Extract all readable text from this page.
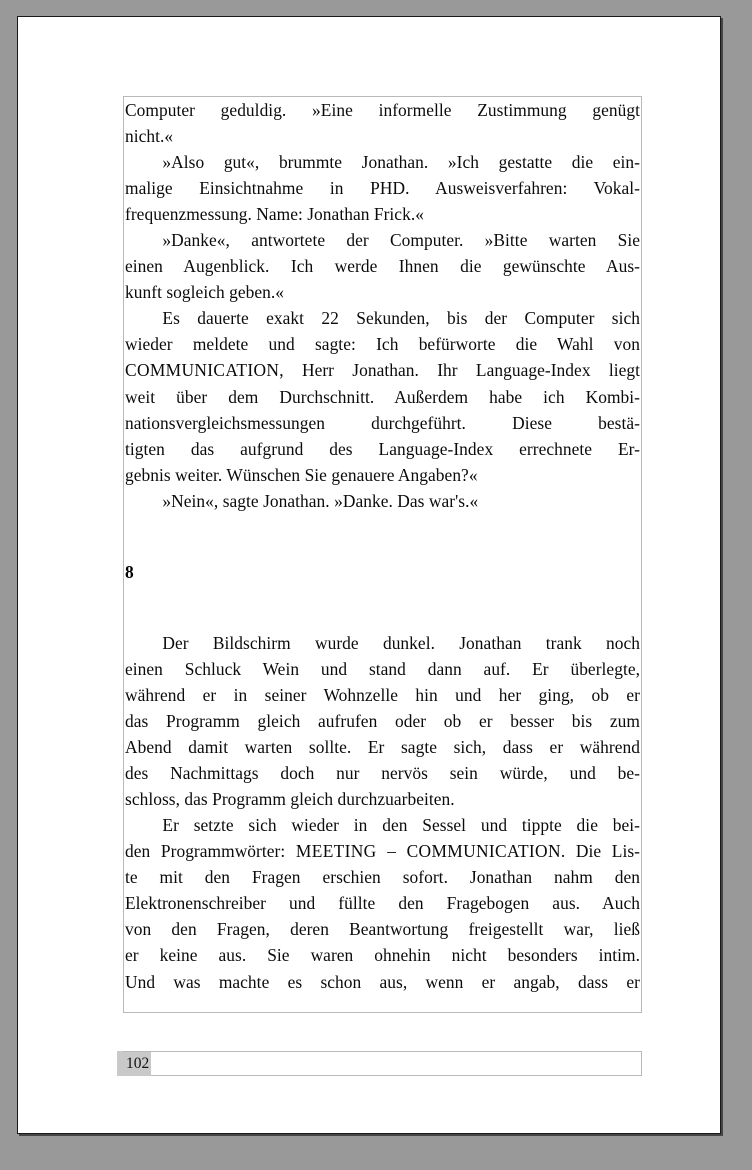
Computer geduldig. »Eine informelle Zustimmung genügt
nicht.«

»Also gut«, brummte Jonathan. »Ich gestatte die ein-
malige Einsichtnahme in PHD. Ausweisverfahren: Vokal-
frequenzmessung. Name: Jonathan Frick.«

»Danke«, antwortete der Computer. »Bitte warten Sie
einen Augenblick. Ich werde Ihnen die gewünschte Aus-
kunft sogleich geben.«

Es dauerte exakt 22 Sekunden, bis der Computer sich
wieder meldete und sagte: Ich befürworte die Wahl von
COMMUNICATION, Herr Jonathan. Ihr Language-Index liegt
weit über dem Durchschnitt. Außerdem habe ich Kombi-
nationsvergleichsmessungen durchgeführt. Diese bestä-
tigten das aufgrund des Language-Index errechnete Er-
gebnis weiter. Wünschen Sie genauere Angaben?«

»Nein«, sagte Jonathan. »Danke. Das war's.«

8

Der Bildschirm wurde dunkel. Jonathan trank noch
einen Schluck Wein und stand dann auf. Er überlegte,
während er in seiner Wohnzelle hin und her ging, ob er
das Programm gleich aufrufen oder ob er besser bis zum
Abend damit warten sollte. Er sagte sich, dass er während
des Nachmittags doch nur nervös sein würde, und be-
schloss, das Programm gleich durchzuarbeiten.

Er setzte sich wieder in den Sessel und tippte die bei-
den Programmwörter: MEETING – COMMUNICATION. Die Lis-
te mit den Fragen erschien sofort. Jonathan nahm den
Elektronenschreiber und füllte den Fragebogen aus. Auch
von den Fragen, deren Beantwortung freigestellt war, ließ
er keine aus. Sie waren ohnehin nicht besonders intim.
Und was machte es schon aus, wenn er angab, dass er

102
